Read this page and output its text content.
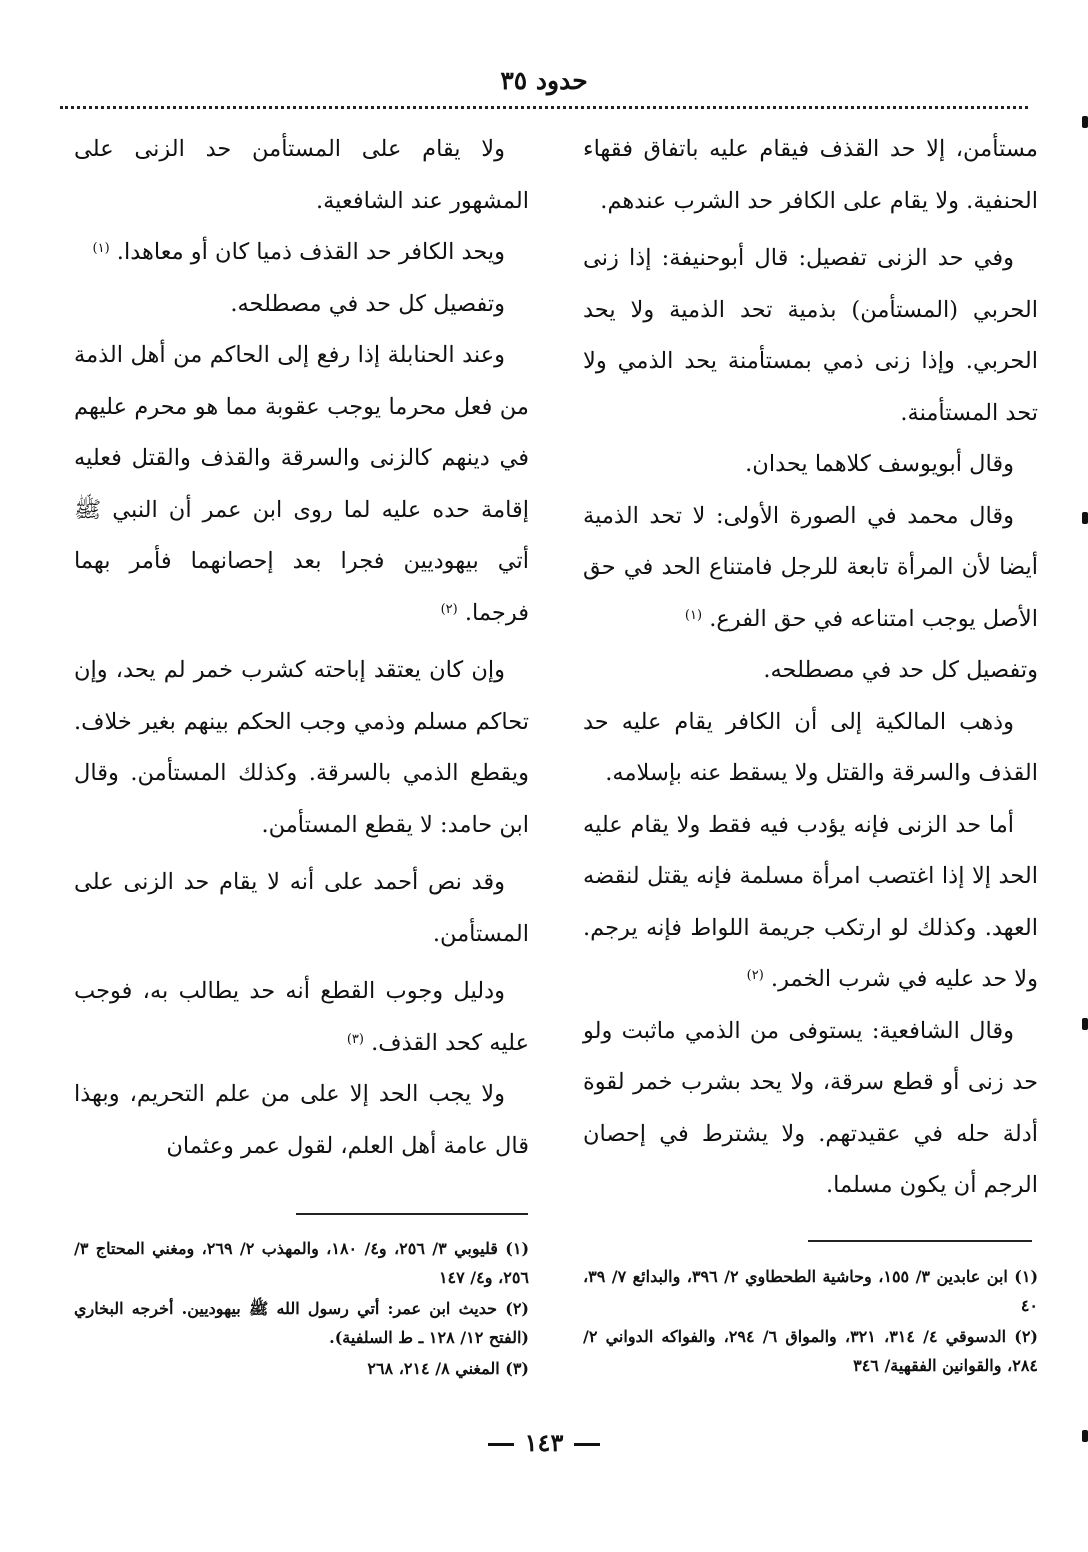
حدود ٣٥

مستأمن، إلا حد القذف فيقام عليه باتفاق فقهاء الحنفية. ولا يقام على الكافر حد الشرب عندهم.

وفي حد الزنى تفصيل: قال أبوحنيفة: إذا زنى الحربي (المستأمن) بذمية تحد الذمية ولا يحد الحربي. وإذا زنى ذمي بمستأمنة يحد الذمي ولا تحد المستأمنة.

وقال أبويوسف كلاهما يحدان.

وقال محمد في الصورة الأولى: لا تحد الذمية أيضا لأن المرأة تابعة للرجل فامتناع الحد في حق الأصل يوجب امتناعه في حق الفرع. $^{(١)}$

وتفصيل كل حد في مصطلحه.

وذهب المالكية إلى أن الكافر يقام عليه حد القذف والسرقة والقتل ولا يسقط عنه بإسلامه.

أما حد الزنى فإنه يؤدب فيه فقط ولا يقام عليه الحد إلا إذا اغتصب امرأة مسلمة فإنه يقتل لنقضه العهد. وكذلك لو ارتكب جريمة اللواط فإنه يرجم. ولا حد عليه في شرب الخمر. $^{(٢)}$

وقال الشافعية: يستوفى من الذمي ماثبت ولو حد زنى أو قطع سرقة، ولا يحد بشرب خمر لقوة أدلة حله في عقيدتهم. ولا يشترط في إحصان الرجم أن يكون مسلما.

ولا يقام على المستأمن حد الزنى على المشهور عند الشافعية.

ويحد الكافر حد القذف ذميا كان أو معاهدا. $^{(١)}$

وتفصيل كل حد في مصطلحه.

وعند الحنابلة إذا رفع إلى الحاكم من أهل الذمة من فعل محرما يوجب عقوبة مما هو محرم عليهم في دينهم كالزنى والسرقة والقذف والقتل فعليه إقامة حده عليه لما روى ابن عمر أن النبي ﷺ أتي بيهوديين فجرا بعد إحصانهما فأمر بهما فرجما. $^{(٢)}$

وإن كان يعتقد إباحته كشرب خمر لم يحد، وإن تحاكم مسلم وذمي وجب الحكم بينهم بغير خلاف. ويقطع الذمي بالسرقة. وكذلك المستأمن. وقال ابن حامد: لا يقطع المستأمن.

وقد نص أحمد على أنه لا يقام حد الزنى على المستأمن.

ودليل وجوب القطع أنه حد يطالب به، فوجب عليه كحد القذف. $^{(٣)}$

ولا يجب الحد إلا على من علم التحريم، وبهذا قال عامة أهل العلم، لقول عمر وعثمان

(١) ابن عابدين ٣/ ١٥٥، وحاشية الطحطاوي ٢/ ٣٩٦، والبدائع ٧/ ٣٩، ٤٠

(٢) الدسوقي ٤/ ٣١٤، ٣٢١، والمواق ٦/ ٢٩٤، والفواكه الدواني ٢/ ٢٨٤، والقوانين الفقهية/ ٣٤٦

(١) قليوبي ٣/ ٢٥٦، و٤/ ١٨٠، والمهذب ٢/ ٢٦٩، ومغني المحتاج ٣/ ٢٥٦، و٤/ ١٤٧

(٢) حديث ابن عمر: أتي رسول الله ﷺ بيهوديين. أخرجه البخاري (الفتح ١٢/ ١٢٨ ـ ط السلفية).

(٣) المغني ٨/ ٢١٤، ٢٦٨

١٤٣
